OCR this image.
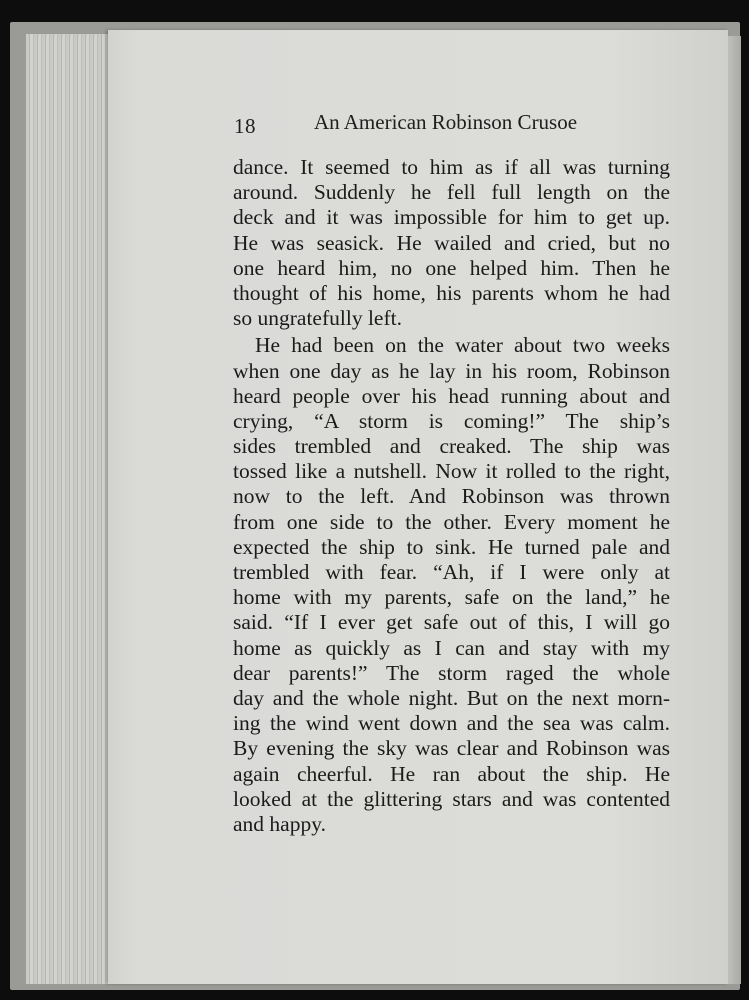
18	An American Robinson Crusoe
dance. It seemed to him as if all was turning
around. Suddenly he fell full length on the
deck and it was impossible for him to get up.
He was seasick. He wailed and cried, but no
one heard him, no one helped him. Then he
thought of his home, his parents whom he had
so ungratefully left.
He had been on the water about two weeks
when one day as he lay in his room, Robinson
heard people over his head running about and
crying, “A storm is coming!” The ship’s
sides trembled and creaked. The ship was
tossed like a nutshell. Now it rolled to the right,
now to the left. And Robinson was thrown
from one side to the other. Every moment he
expected the ship to sink. He turned pale and
trembled with fear. “Ah, if I were only at
home with my parents, safe on the land,” he
said. “If I ever get safe out of this, I will go
home as quickly as I can and stay with my
dear parents!” The storm raged the whole
day and the whole night. But on the next morn-
ing the wind went down and the sea was calm.
By evening the sky was clear and Robinson was
again cheerful. He ran about the ship. He
looked at the glittering stars and was contented
and happy.
